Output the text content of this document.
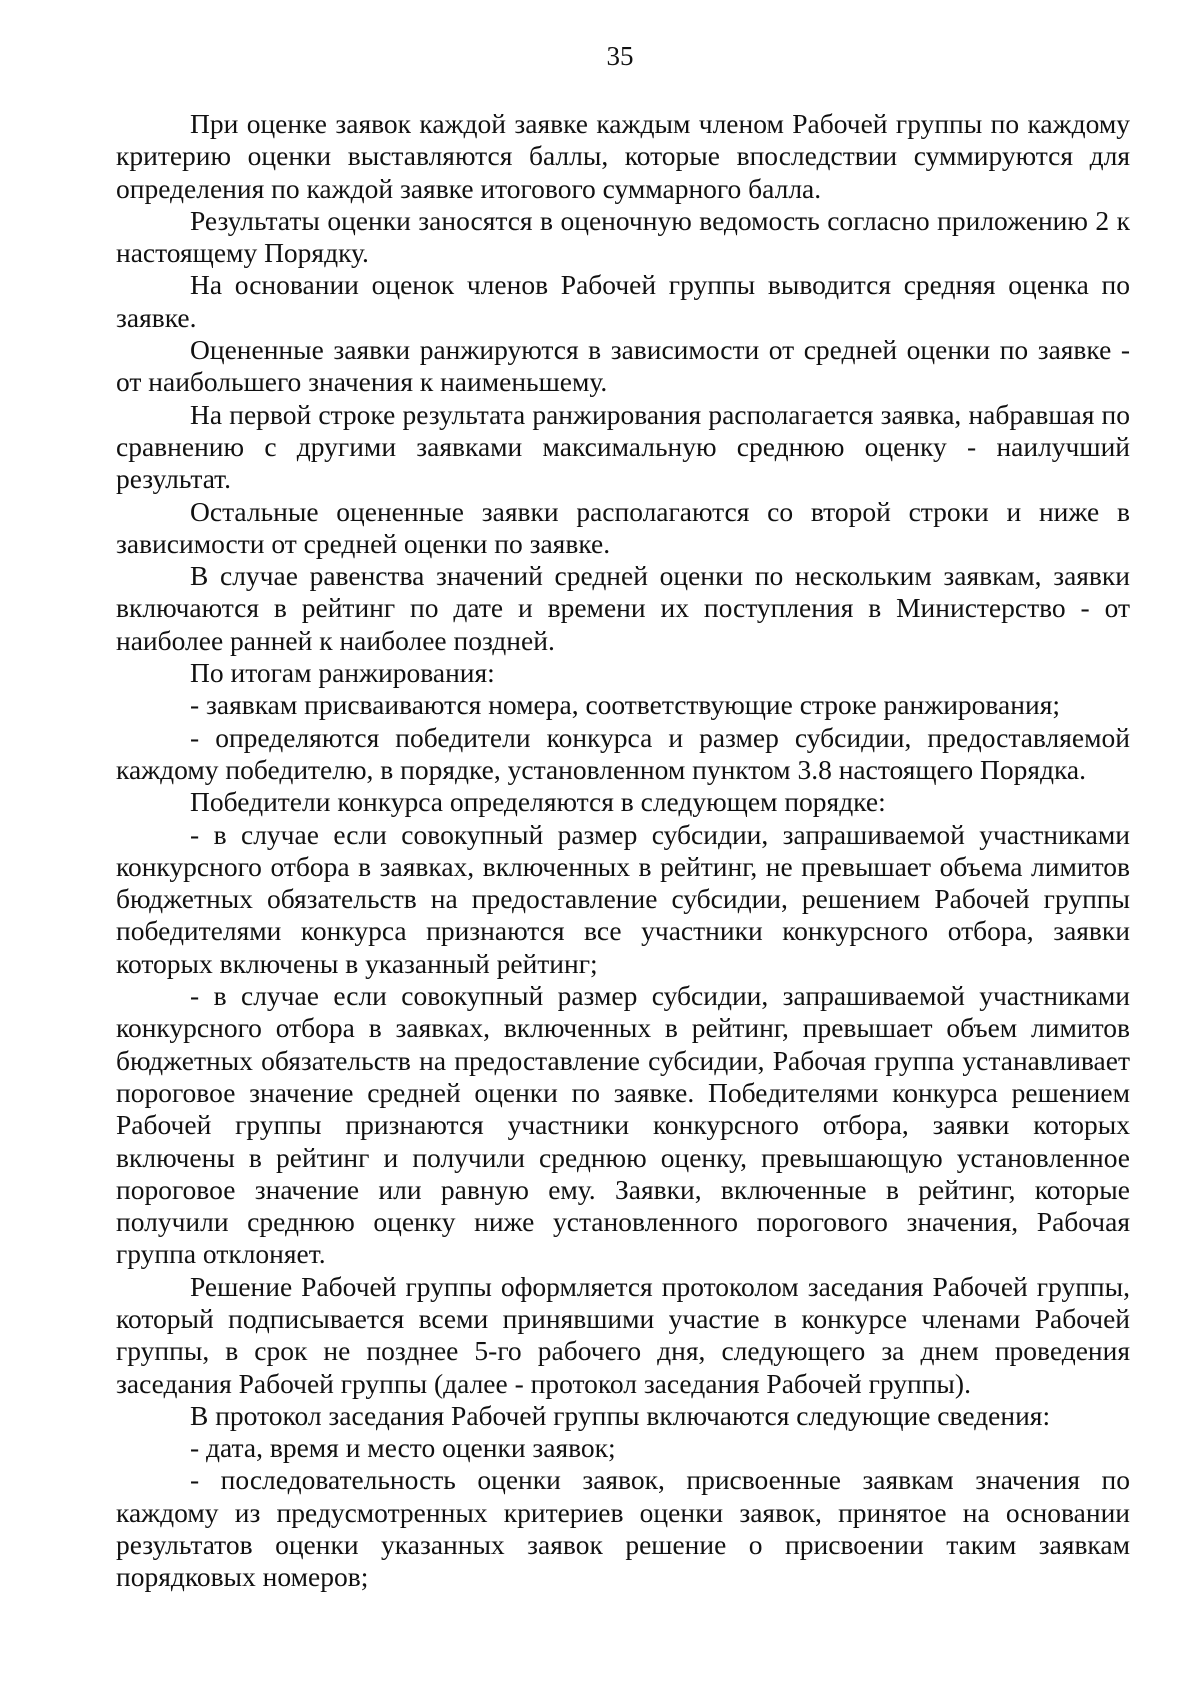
35

При оценке заявок каждой заявке каждым членом Рабочей группы по каждому критерию оценки выставляются баллы, которые впоследствии суммируются для определения по каждой заявке итогового суммарного балла.

Результаты оценки заносятся в оценочную ведомость согласно приложению 2 к настоящему Порядку.

На основании оценок членов Рабочей группы выводится средняя оценка по заявке.

Оцененные заявки ранжируются в зависимости от средней оценки по заявке - от наибольшего значения к наименьшему.

На первой строке результата ранжирования располагается заявка, набравшая по сравнению с другими заявками максимальную среднюю оценку - наилучший результат.

Остальные оцененные заявки располагаются со второй строки и ниже в зависимости от средней оценки по заявке.

В случае равенства значений средней оценки по нескольким заявкам, заявки включаются в рейтинг по дате и времени их поступления в Министерство - от наиболее ранней к наиболее поздней.

По итогам ранжирования:

- заявкам присваиваются номера, соответствующие строке ранжирования;

- определяются победители конкурса и размер субсидии, предоставляемой каждому победителю, в порядке, установленном пунктом 3.8 настоящего Порядка.

Победители конкурса определяются в следующем порядке:

- в случае если совокупный размер субсидии, запрашиваемой участниками конкурсного отбора в заявках, включенных в рейтинг, не превышает объема лимитов бюджетных обязательств на предоставление субсидии, решением Рабочей группы победителями конкурса признаются все участники конкурсного отбора, заявки которых включены в указанный рейтинг;

- в случае если совокупный размер субсидии, запрашиваемой участниками конкурсного отбора в заявках, включенных в рейтинг, превышает объем лимитов бюджетных обязательств на предоставление субсидии, Рабочая группа устанавливает пороговое значение средней оценки по заявке. Победителями конкурса решением Рабочей группы признаются участники конкурсного отбора, заявки которых включены в рейтинг и получили среднюю оценку, превышающую установленное пороговое значение или равную ему. Заявки, включенные в рейтинг, которые получили среднюю оценку ниже установленного порогового значения, Рабочая группа отклоняет.

Решение Рабочей группы оформляется протоколом заседания Рабочей группы, который подписывается всеми принявшими участие в конкурсе членами Рабочей группы, в срок не позднее 5-го рабочего дня, следующего за днем проведения заседания Рабочей группы (далее - протокол заседания Рабочей группы).

В протокол заседания Рабочей группы включаются следующие сведения:

- дата, время и место оценки заявок;

- последовательность оценки заявок, присвоенные заявкам значения по каждому из предусмотренных критериев оценки заявок, принятое на основании результатов оценки указанных заявок решение о присвоении таким заявкам порядковых номеров;
